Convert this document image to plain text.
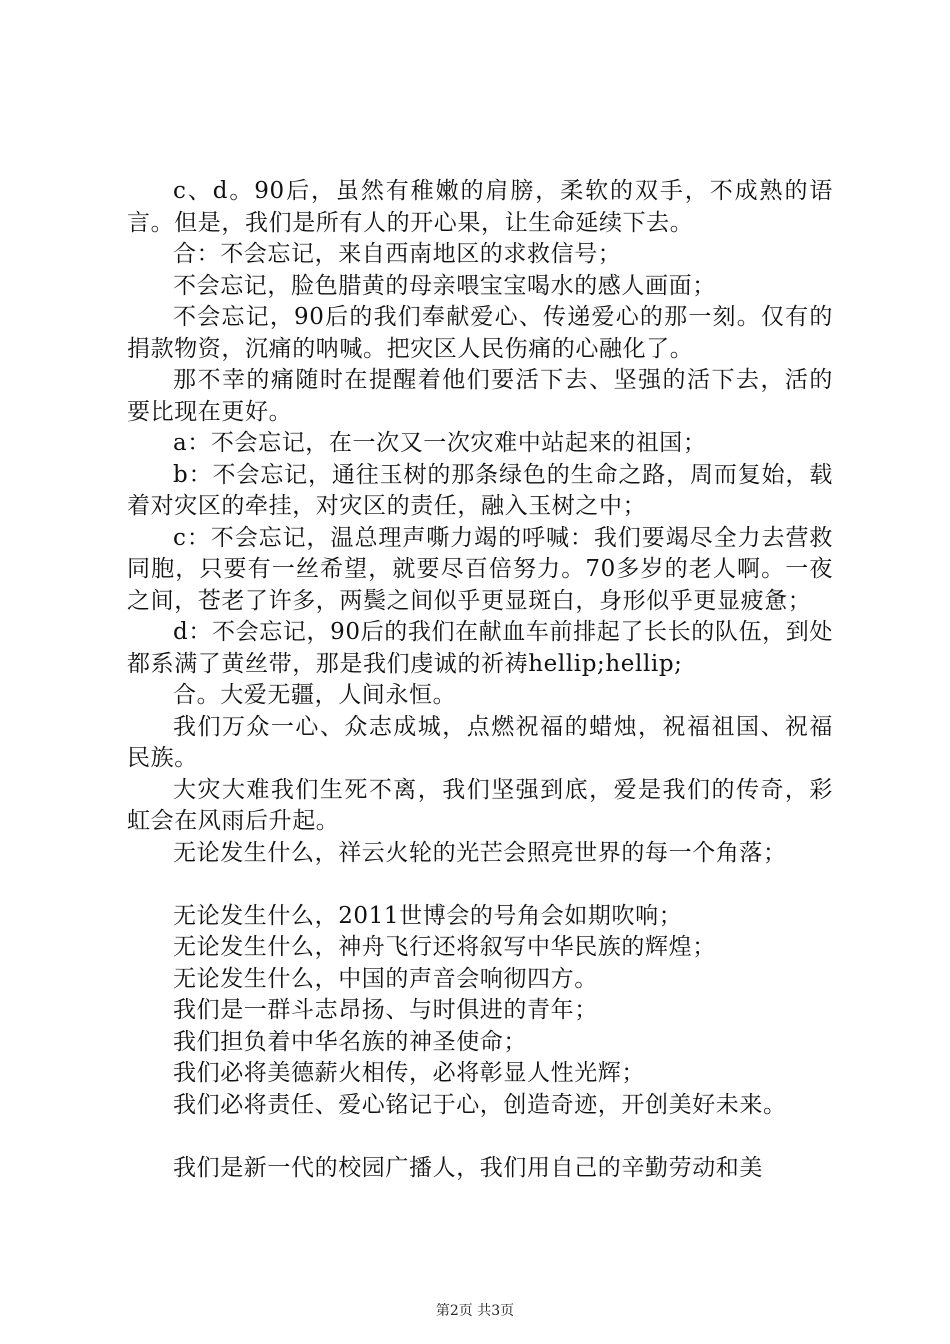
c、d。90后，虽然有稚嫩的肩膀，柔软的双手，不成熟的语言。但是，我们是所有人的开心果，让生命延续下去。

合：不会忘记，来自西南地区的求救信号；

不会忘记，脸色腊黄的母亲喂宝宝喝水的感人画面；

不会忘记，90后的我们奉献爱心、传递爱心的那一刻。仅有的捐款物资，沉痛的呐喊。把灾区人民伤痛的心融化了。

那不幸的痛随时在提醒着他们要活下去、坚强的活下去，活的要比现在更好。

a：不会忘记，在一次又一次灾难中站起来的祖国；

b：不会忘记，通往玉树的那条绿色的生命之路，周而复始，载着对灾区的牵挂，对灾区的责任，融入玉树之中；

c：不会忘记，温总理声嘶力竭的呼喊：我们要竭尽全力去营救同胞，只要有一丝希望，就要尽百倍努力。70多岁的老人啊。一夜之间，苍老了许多，两鬓之间似乎更显斑白，身形似乎更显疲惫；

d：不会忘记，90后的我们在献血车前排起了长长的队伍，到处都系满了黄丝带，那是我们虔诚的祈祷hellip;hellip;

合。大爱无疆，人间永恒。

我们万众一心、众志成城，点燃祝福的蜡烛，祝福祖国、祝福民族。

大灾大难我们生死不离，我们坚强到底，爱是我们的传奇，彩虹会在风雨后升起。

无论发生什么，祥云火轮的光芒会照亮世界的每一个角落；

无论发生什么，2011世博会的号角会如期吹响；

无论发生什么，神舟飞行还将叙写中华民族的辉煌；

无论发生什么，中国的声音会响彻四方。

我们是一群斗志昂扬、与时俱进的青年；

我们担负着中华名族的神圣使命；

我们必将美德薪火相传，必将彰显人性光辉；

我们必将责任、爱心铭记于心，创造奇迹，开创美好未来。

我们是新一代的校园广播人，我们用自己的辛勤劳动和美

第2页 共3页
